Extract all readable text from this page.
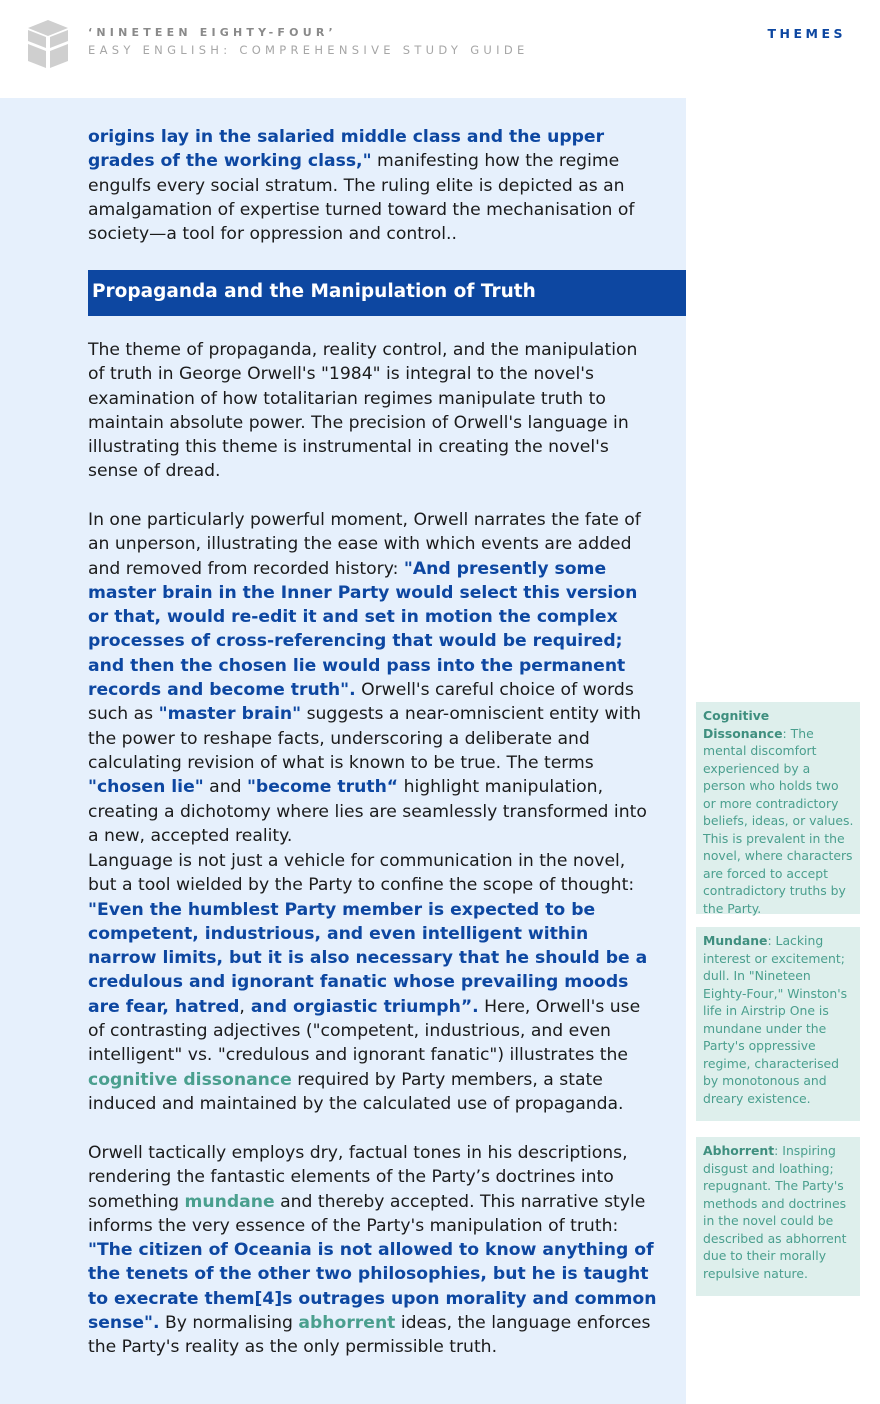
‘NINETEEN EIGHTY-FOUR’
EASY ENGLISH: COMPREHENSIVE STUDY GUIDE
THEMES

origins lay in the salaried middle class and the upper grades of the working class," manifesting how the regime engulfs every social stratum. The ruling elite is depicted as an amalgamation of expertise turned toward the mechanisation of society—a tool for oppression and control..

Propaganda and the Manipulation of Truth

The theme of propaganda, reality control, and the manipulation of truth in George Orwell's "1984" is integral to the novel's examination of how totalitarian regimes manipulate truth to maintain absolute power. The precision of Orwell's language in illustrating this theme is instrumental in creating the novel's sense of dread.

In one particularly powerful moment, Orwell narrates the fate of an unperson, illustrating the ease with which events are added and removed from recorded history: "And presently some master brain in the Inner Party would select this version or that, would re-edit it and set in motion the complex processes of cross-referencing that would be required; and then the chosen lie would pass into the permanent records and become truth". Orwell's careful choice of words such as "master brain" suggests a near-omniscient entity with the power to reshape facts, underscoring a deliberate and calculating revision of what is known to be true. The terms "chosen lie" and "become truth“ highlight manipulation, creating a dichotomy where lies are seamlessly transformed into a new, accepted reality.

Language is not just a vehicle for communication in the novel, but a tool wielded by the Party to confine the scope of thought: "Even the humblest Party member is expected to be competent, industrious, and even intelligent within narrow limits, but it is also necessary that he should be a credulous and ignorant fanatic whose prevailing moods are fear, hatred, and orgiastic triumph”. Here, Orwell's use of contrasting adjectives ("competent, industrious, and even intelligent" vs. "credulous and ignorant fanatic") illustrates the cognitive dissonance required by Party members, a state induced and maintained by the calculated use of propaganda.

Orwell tactically employs dry, factual tones in his descriptions, rendering the fantastic elements of the Party’s doctrines into something mundane and thereby accepted. This narrative style informs the very essence of the Party's manipulation of truth: "The citizen of Oceania is not allowed to know anything of the tenets of the other two philosophies, but he is taught to execrate them[4]s outrages upon morality and common sense". By normalising abhorrent ideas, the language enforces the Party's reality as the only permissible truth.

Cognitive Dissonance: The mental discomfort experienced by a person who holds two or more contradictory beliefs, ideas, or values. This is prevalent in the novel, where characters are forced to accept contradictory truths by the Party.
Mundane: Lacking interest or excitement; dull. In "Nineteen Eighty-Four," Winston's life in Airstrip One is mundane under the Party's oppressive regime, characterised by monotonous and dreary existence.
Abhorrent: Inspiring disgust and loathing; repugnant. The Party's methods and doctrines in the novel could be described as abhorrent due to their morally repulsive nature.
